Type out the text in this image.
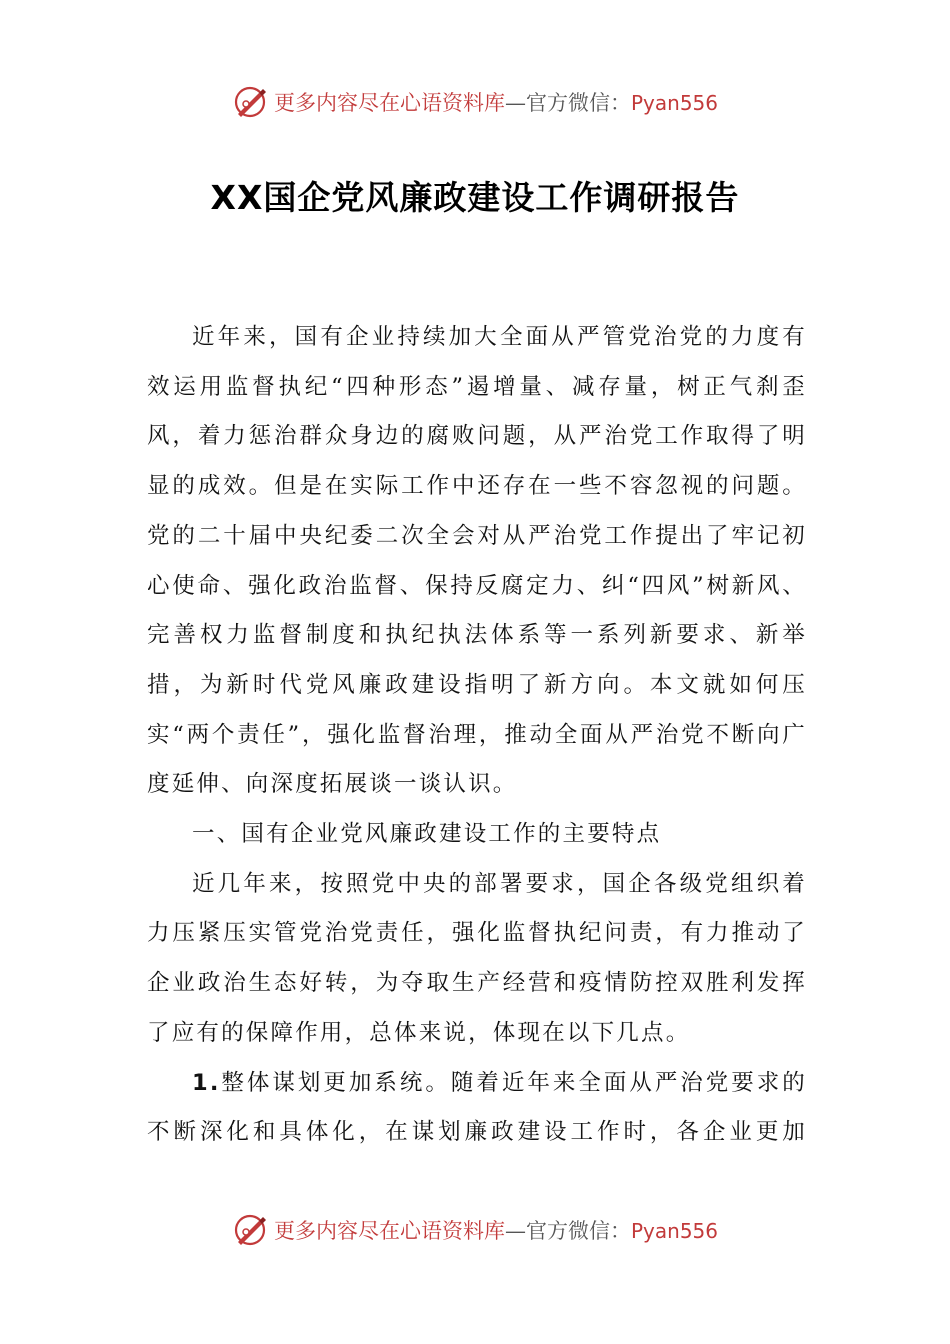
更多内容尽在心语资料库—官方微信：Pyan556
XX国企党风廉政建设工作调研报告

近年来，国有企业持续加大全面从严管党治党的力度有效运用监督执纪“四种形态”遏增量、减存量，树正气刹歪风，着力惩治群众身边的腐败问题，从严治党工作取得了明显的成效。但是在实际工作中还存在一些不容忽视的问题。党的二十届中央纪委二次全会对从严治党工作提出了牢记初心使命、强化政治监督、保持反腐定力、纠“四风”树新风、完善权力监督制度和执纪执法体系等一系列新要求、新举措，为新时代党风廉政建设指明了新方向。本文就如何压实“两个责任”，强化监督治理，推动全面从严治党不断向广度延伸、向深度拓展谈一谈认识。

一、国有企业党风廉政建设工作的主要特点

近几年来，按照党中央的部署要求，国企各级党组织着力压紧压实管党治党责任，强化监督执纪问责，有力推动了企业政治生态好转，为夺取生产经营和疫情防控双胜利发挥了应有的保障作用，总体来说，体现在以下几点。

1.整体谋划更加系统。随着近年来全面从严治党要求的不断深化和具体化，在谋划廉政建设工作时，各企业更加

更多内容尽在心语资料库—官方微信：Pyan556
